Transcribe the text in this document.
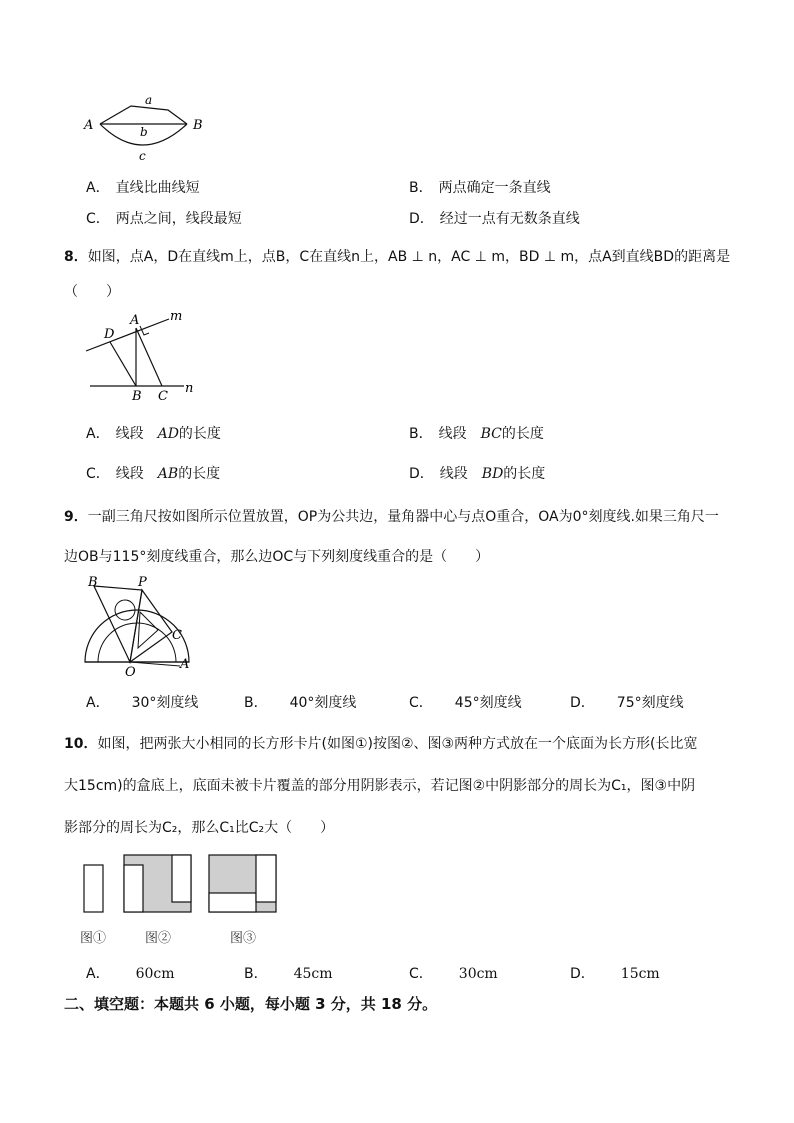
A	B
a
b
c
A． 直线比曲线短	B． 两点确定一条直线
C． 两点之间，线段最短	D． 经过一点有无数条直线
8．如图，点A，D在直线m上，点B，C在直线n上，AB ⊥ n，AC ⊥ m，BD ⊥ m，点A到直线BD的距离是
（　　）
D
A m
B C
n
A． 线段 AD的长度	B． 线段 BC的长度
C． 线段 AB的长度	D． 线段 BD的长度
9．一副三角尺按如图所示位置放置，OP为公共边，量角器中心与点O重合，OA为0°刻度线.如果三角尺一
边OB与115°刻度线重合，那么边OC与下列刻度线重合的是（　　）
B	P
C
O
A
A． 30°刻度线	B． 40°刻度线	C． 45°刻度线	D． 75°刻度线
10．如图，把两张大小相同的长方形卡片(如图①)按图②、图③两种方式放在一个底面为长方形(长比宽
大15cm)的盒底上，底面未被卡片覆盖的部分用阴影表示，若记图②中阴影部分的周长为C₁，图③中阴
影部分的周长为C₂，那么C₁比C₂大（　　）
图①	图②	图③
A． 60cm	B． 45cm	C． 30cm	D． 15cm
二、填空题：本题共 6 小题，每小题 3 分，共 18 分。
